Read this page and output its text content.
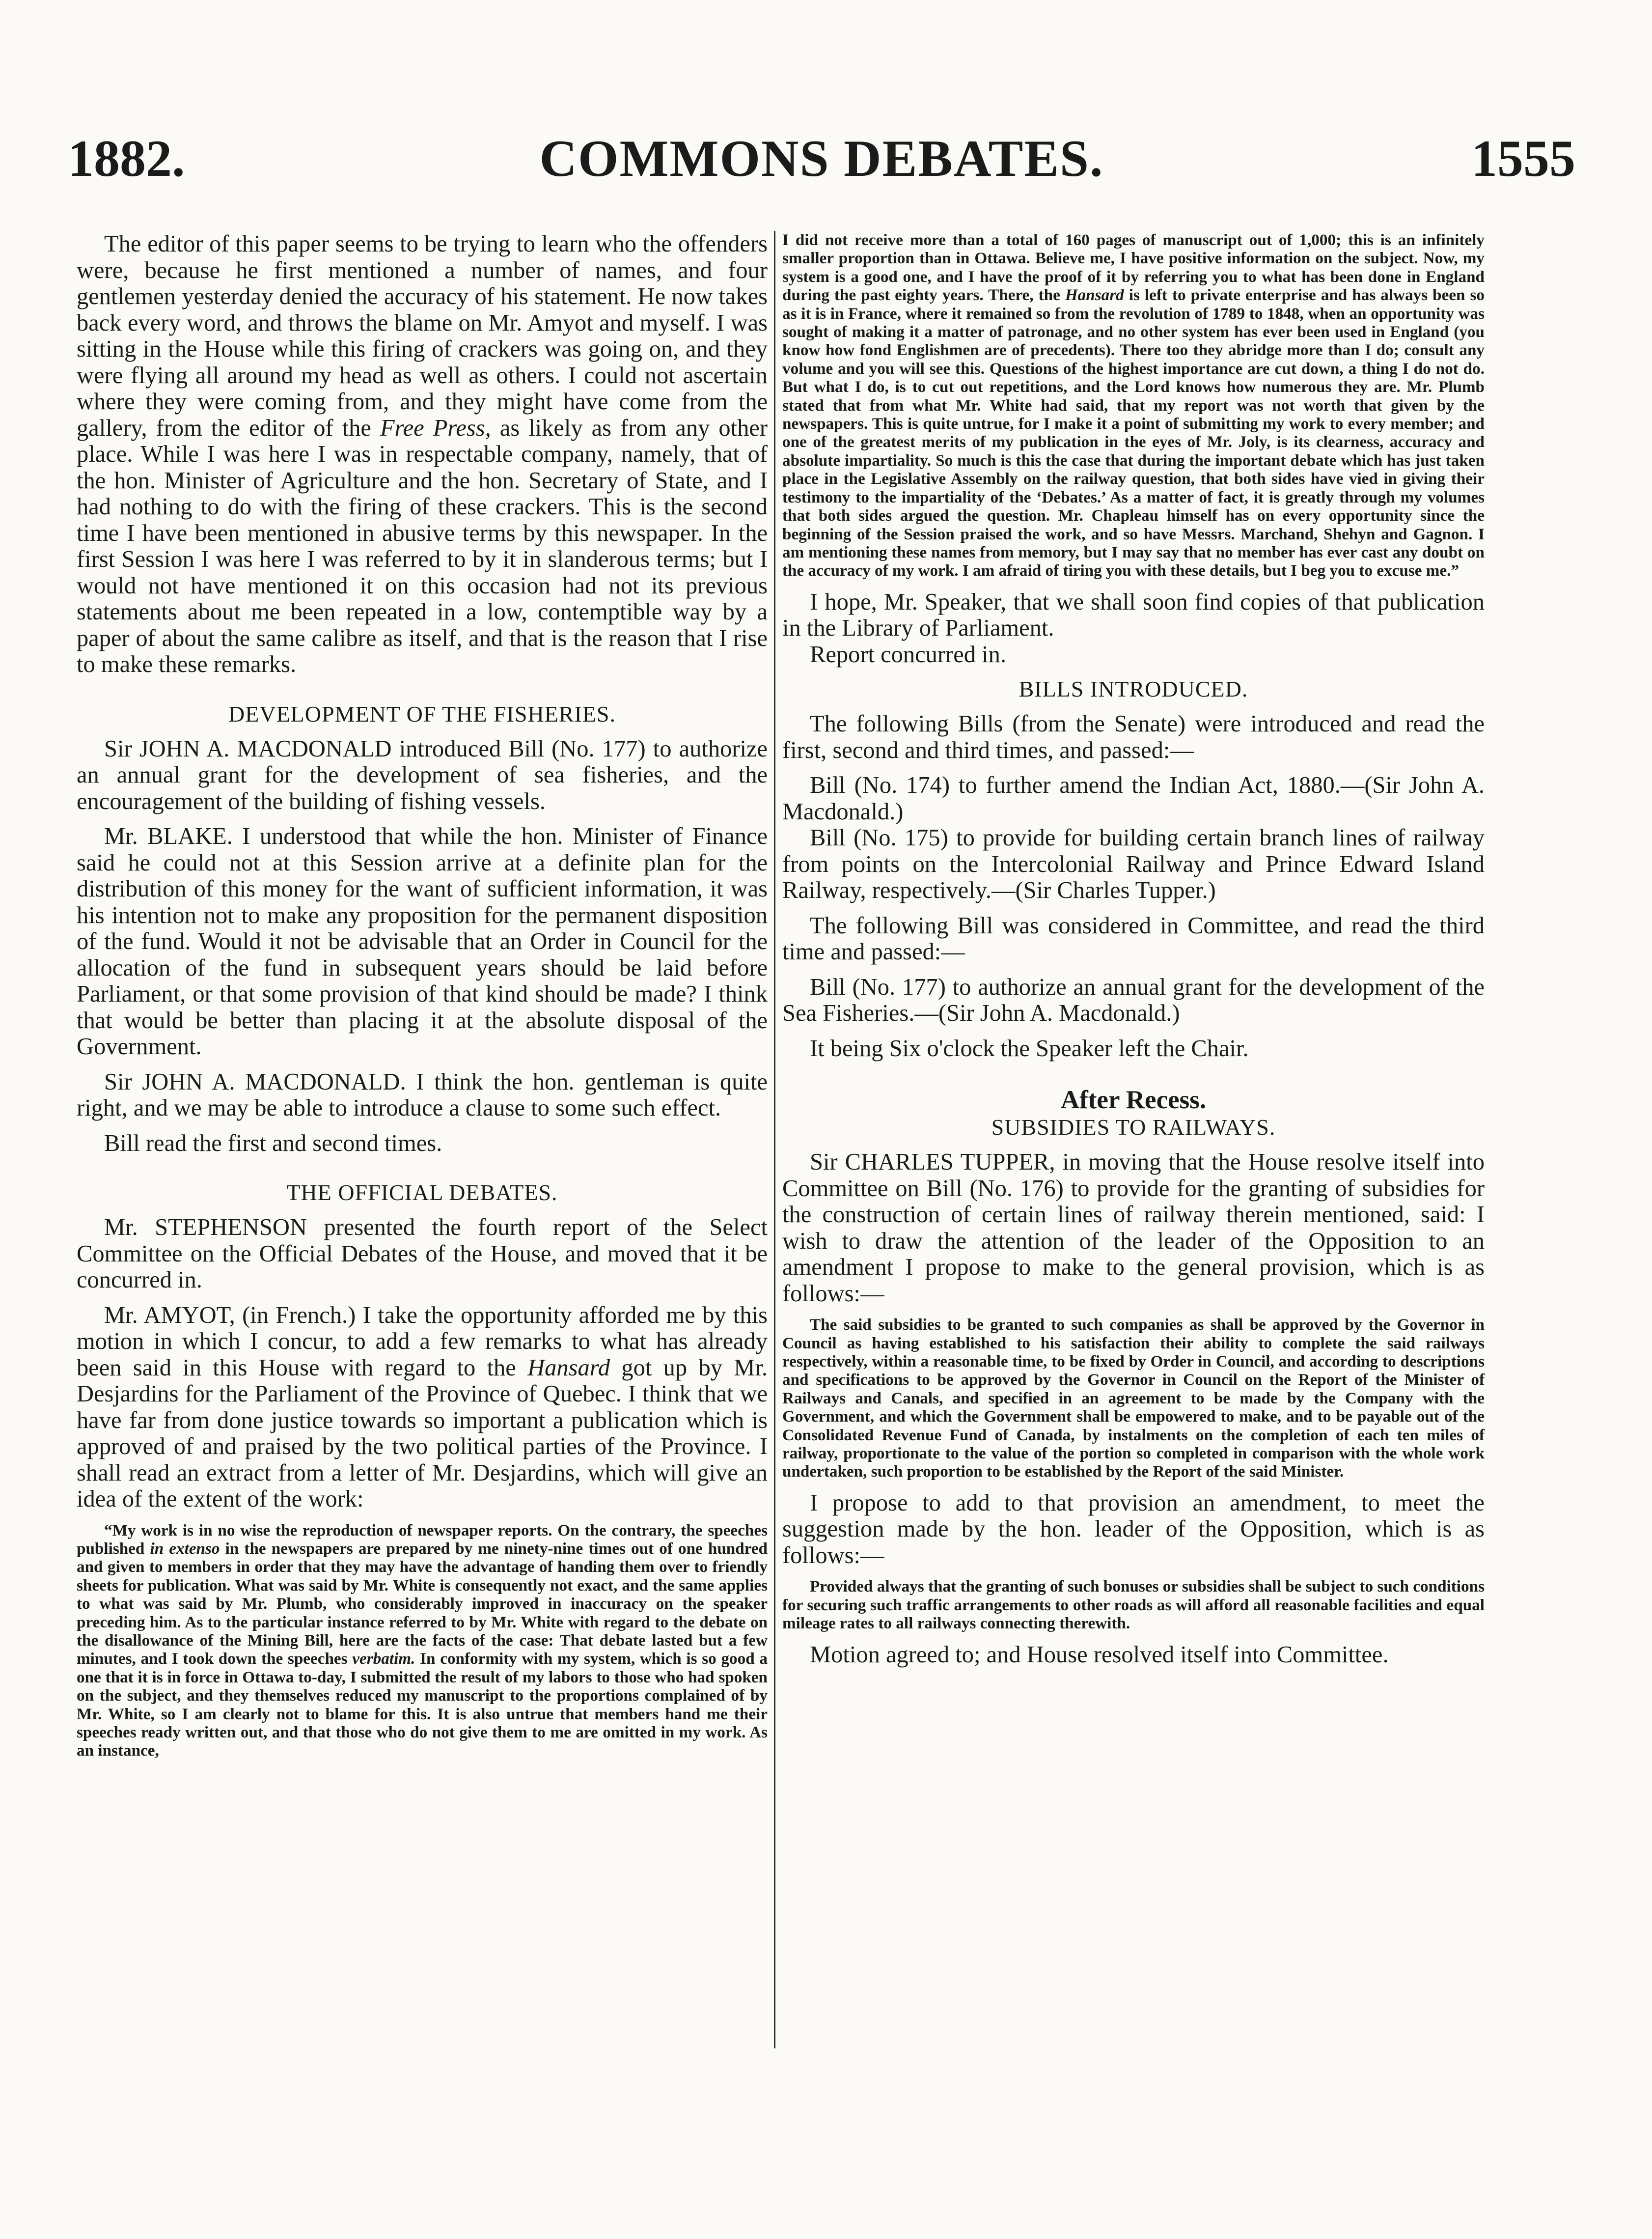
1882.	COMMONS DEBATES.	1555

The editor of this paper seems to be trying to learn who the offenders were, because he first mentioned a number of names, and four gentlemen yesterday denied the accuracy of his statement. He now takes back every word, and throws the blame on Mr. Amyot and myself. I was sitting in the House while this firing of crackers was going on, and they were flying all around my head as well as others. I could not ascertain where they were coming from, and they might have come from the gallery, from the editor of the Free Press, as likely as from any other place. While I was here I was in respectable company, namely, that of the hon. Minister of Agriculture and the hon. Secretary of State, and I had nothing to do with the firing of these crackers. This is the second time I have been mentioned in abusive terms by this newspaper. In the first Session I was here I was referred to by it in slanderous terms; but I would not have mentioned it on this occasion had not its previous statements about me been repeated in a low, contemptible way by a paper of about the same calibre as itself, and that is the reason that I rise to make these remarks.

DEVELOPMENT OF THE FISHERIES.

Sir JOHN A. MACDONALD introduced Bill (No. 177) to authorize an annual grant for the development of sea fisheries, and the encouragement of the building of fishing vessels.

Mr. BLAKE. I understood that while the hon. Minister of Finance said he could not at this Session arrive at a definite plan for the distribution of this money for the want of sufficient information, it was his intention not to make any proposition for the permanent disposition of the fund. Would it not be advisable that an Order in Council for the allocation of the fund in subsequent years should be laid before Parliament, or that some provision of that kind should be made? I think that would be better than placing it at the absolute disposal of the Government.

Sir JOHN A. MACDONALD. I think the hon. gentleman is quite right, and we may be able to introduce a clause to some such effect.

Bill read the first and second times.

THE OFFICIAL DEBATES.

Mr. STEPHENSON presented the fourth report of the Select Committee on the Official Debates of the House, and moved that it be concurred in.

Mr. AMYOT, (in French.) I take the opportunity afforded me by this motion in which I concur, to add a few remarks to what has already been said in this House with regard to the Hansard got up by Mr. Desjardins for the Parliament of the Province of Quebec. I think that we have far from done justice towards so important a publication which is approved of and praised by the two political parties of the Province. I shall read an extract from a letter of Mr. Desjardins, which will give an idea of the extent of the work:

“My work is in no wise the reproduction of newspaper reports. On the contrary, the speeches published in extenso in the newspapers are prepared by me ninety-nine times out of one hundred and given to members in order that they may have the advantage of handing them over to friendly sheets for publication. What was said by Mr. White is consequently not exact, and the same applies to what was said by Mr. Plumb, who considerably improved in inaccuracy on the speaker preceding him. As to the particular instance referred to by Mr. White with regard to the debate on the disallowance of the Mining Bill, here are the facts of the case: That debate lasted but a few minutes, and I took down the speeches verbatim. In conformity with my system, which is so good a one that it is in force in Ottawa to-day, I submitted the result of my labors to those who had spoken on the subject, and they themselves reduced my manuscript to the proportions complained of by Mr. White, so I am clearly not to blame for this. It is also untrue that members hand me their speeches ready written out, and that those who do not give them to me are omitted in my work. As an instance,

I did not receive more than a total of 160 pages of manuscript out of 1,000; this is an infinitely smaller proportion than in Ottawa. Believe me, I have positive information on the subject. Now, my system is a good one, and I have the proof of it by referring you to what has been done in England during the past eighty years. There, the Hansard is left to private enterprise and has always been so as it is in France, where it remained so from the revolution of 1789 to 1848, when an opportunity was sought of making it a matter of patronage, and no other system has ever been used in England (you know how fond Englishmen are of precedents). There too they abridge more than I do; consult any volume and you will see this. Questions of the highest importance are cut down, a thing I do not do. But what I do, is to cut out repetitions, and the Lord knows how numerous they are. Mr. Plumb stated that from what Mr. White had said, that my report was not worth that given by the newspapers. This is quite untrue, for I make it a point of submitting my work to every member; and one of the greatest merits of my publication in the eyes of Mr. Joly, is its clearness, accuracy and absolute impartiality. So much is this the case that during the important debate which has just taken place in the Legislative Assembly on the railway question, that both sides have vied in giving their testimony to the impartiality of the ‘Debates.’ As a matter of fact, it is greatly through my volumes that both sides argued the question. Mr. Chapleau himself has on every opportunity since the beginning of the Session praised the work, and so have Messrs. Marchand, Shehyn and Gagnon. I am mentioning these names from memory, but I may say that no member has ever cast any doubt on the accuracy of my work. I am afraid of tiring you with these details, but I beg you to excuse me.”

I hope, Mr. Speaker, that we shall soon find copies of that publication in the Library of Parliament.

Report concurred in.

BILLS INTRODUCED.

The following Bills (from the Senate) were introduced and read the first, second and third times, and passed:—

Bill (No. 174) to further amend the Indian Act, 1880.—(Sir John A. Macdonald.)

Bill (No. 175) to provide for building certain branch lines of railway from points on the Intercolonial Railway and Prince Edward Island Railway, respectively.—(Sir Charles Tupper.)

The following Bill was considered in Committee, and read the third time and passed:—

Bill (No. 177) to authorize an annual grant for the development of the Sea Fisheries.—(Sir John A. Macdonald.)

It being Six o'clock the Speaker left the Chair.

After Recess.

SUBSIDIES TO RAILWAYS.

Sir CHARLES TUPPER, in moving that the House resolve itself into Committee on Bill (No. 176) to provide for the granting of subsidies for the construction of certain lines of railway therein mentioned, said: I wish to draw the attention of the leader of the Opposition to an amendment I propose to make to the general provision, which is as follows:—

The said subsidies to be granted to such companies as shall be approved by the Governor in Council as having established to his satisfaction their ability to complete the said railways respectively, within a reasonable time, to be fixed by Order in Council, and according to descriptions and specifications to be approved by the Governor in Council on the Report of the Minister of Railways and Canals, and specified in an agreement to be made by the Company with the Government, and which the Government shall be empowered to make, and to be payable out of the Consolidated Revenue Fund of Canada, by instalments on the completion of each ten miles of railway, proportionate to the value of the portion so completed in comparison with the whole work undertaken, such proportion to be established by the Report of the said Minister.

I propose to add to that provision an amendment, to meet the suggestion made by the hon. leader of the Opposition, which is as follows:—

Provided always that the granting of such bonuses or subsidies shall be subject to such conditions for securing such traffic arrangements to other roads as will afford all reasonable facilities and equal mileage rates to all railways connecting therewith.

Motion agreed to; and House resolved itself into Committee.
